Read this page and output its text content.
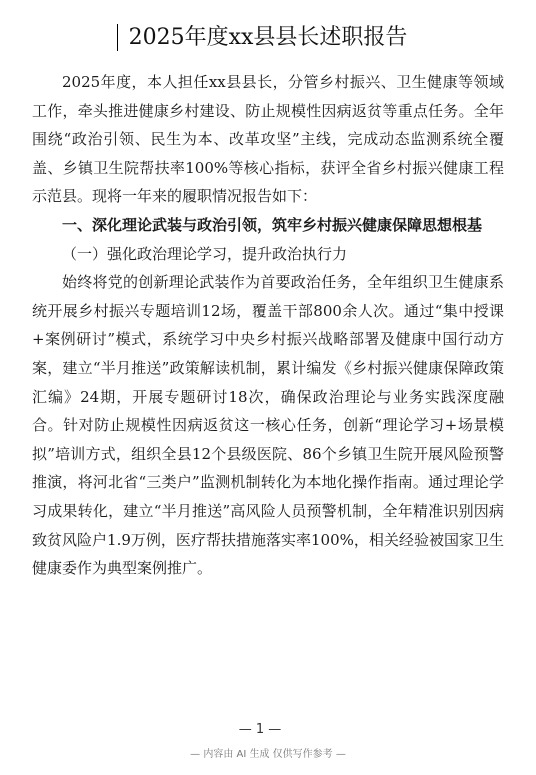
2025年度xx县县长述职报告

2025年度，本人担任xx县县长，分管乡村振兴、卫生健康等领域工作，牵头推进健康乡村建设、防止规模性因病返贫等重点任务。全年围绕“政治引领、民生为本、改革攻坚”主线，完成动态监测系统全覆盖、乡镇卫生院帮扶率100%等核心指标，获评全省乡村振兴健康工程示范县。现将一年来的履职情况报告如下：

一、深化理论武装与政治引领，筑牢乡村振兴健康保障思想根基
（一）强化政治理论学习，提升政治执行力

始终将党的创新理论武装作为首要政治任务，全年组织卫生健康系统开展乡村振兴专题培训12场，覆盖干部800余人次。通过“集中授课+案例研讨”模式，系统学习中央乡村振兴战略部署及健康中国行动方案，建立“半月推送”政策解读机制，累计编发《乡村振兴健康保障政策汇编》24期，开展专题研讨18次，确保政治理论与业务实践深度融合。针对防止规模性因病返贫这一核心任务，创新“理论学习+场景模拟”培训方式，组织全县12个县级医院、86个乡镇卫生院开展风险预警推演，将河北省“三类户”监测机制转化为本地化操作指南。通过理论学习成果转化，建立“半月推送”高风险人员预警机制，全年精准识别因病致贫风险户1.9万例，医疗帮扶措施落实率100%，相关经验被国家卫生健康委作为典型案例推广。

— 1 —
— 内容由 AI 生成 仅供写作参考 —
